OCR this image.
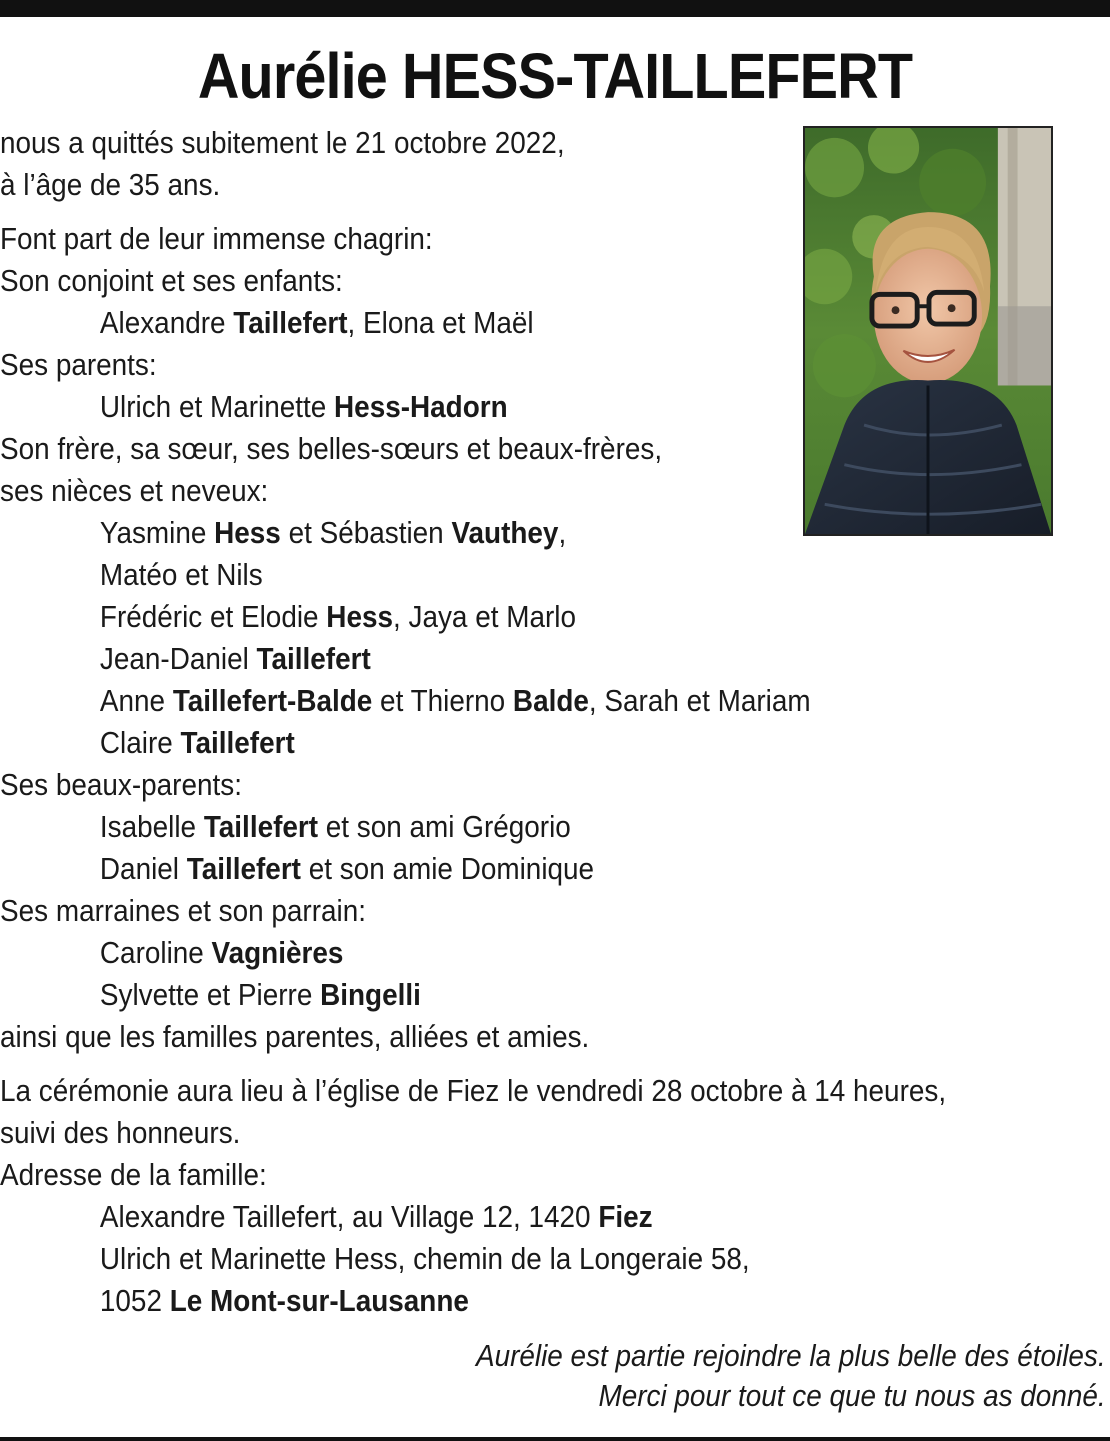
Aurélie HESS-TAILLEFERT
nous a quittés subitement le 21 octobre 2022,
à l’âge de 35 ans.
Font part de leur immense chagrin:
Son conjoint et ses enfants:
Alexandre Taillefert, Elona et Maël
Ses parents:
Ulrich et Marinette Hess-Hadorn
Son frère, sa sœur, ses belles-sœurs et beaux-frères,
ses nièces et neveux:
Yasmine Hess et Sébastien Vauthey,
Matéo et Nils
Frédéric et Elodie Hess, Jaya et Marlo
Jean-Daniel Taillefert
Anne Taillefert-Balde et Thierno Balde, Sarah et Mariam
Claire Taillefert
Ses beaux-parents:
Isabelle Taillefert et son ami Grégorio
Daniel Taillefert et son amie Dominique
Ses marraines et son parrain:
Caroline Vagnières
Sylvette et Pierre Bingelli
ainsi que les familles parentes, alliées et amies.
La cérémonie aura lieu à l’église de Fiez le vendredi 28 octobre à 14 heures,
suivi des honneurs.
Adresse de la famille:
Alexandre Taillefert, au Village 12, 1420 Fiez
Ulrich et Marinette Hess, chemin de la Longeraie 58,
1052 Le Mont-sur-Lausanne
Aurélie est partie rejoindre la plus belle des étoiles.
Merci pour tout ce que tu nous as donné.
